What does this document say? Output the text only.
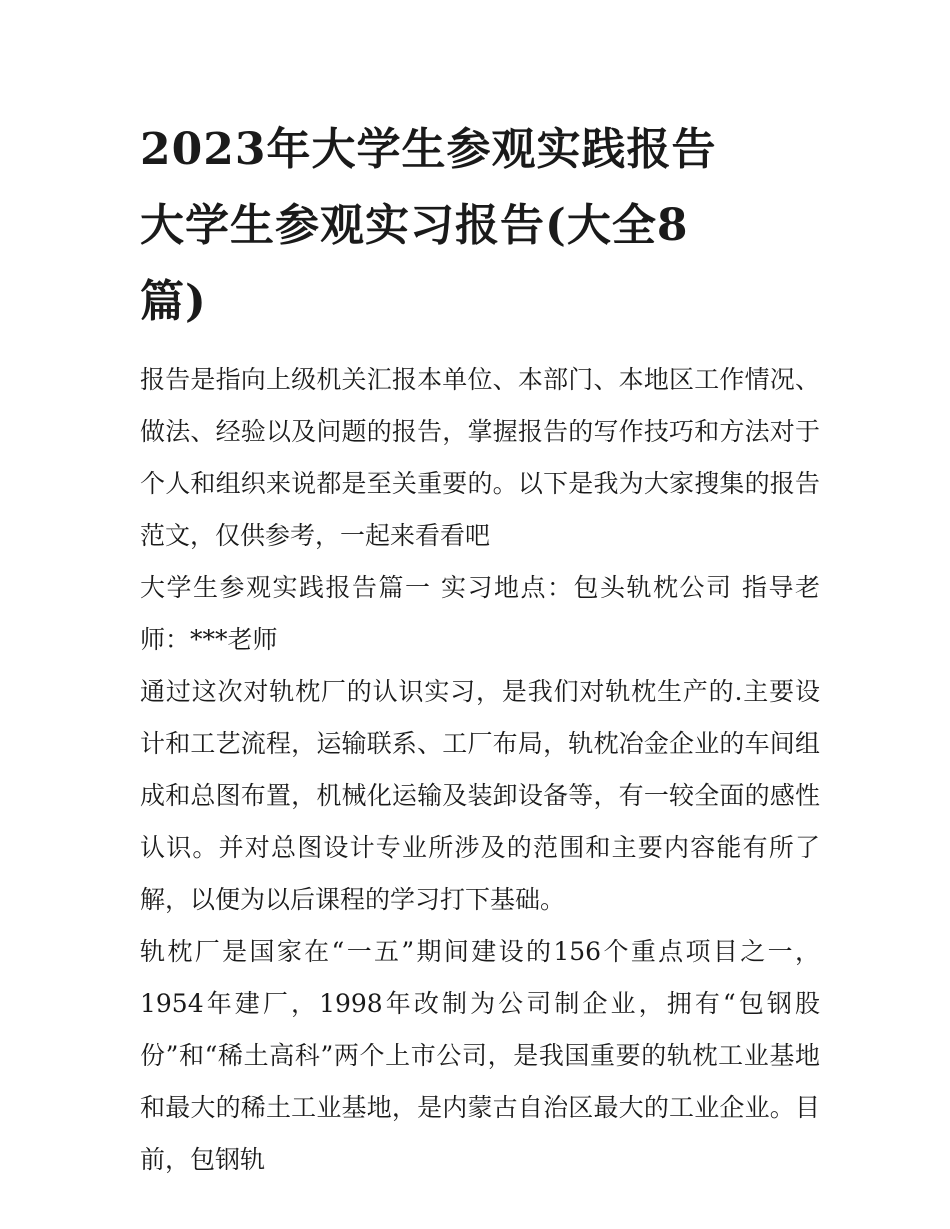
2023年大学生参观实践报告
大学生参观实习报告(大全8
篇)

报告是指向上级机关汇报本单位、本部门、本地区工作情况、做法、经验以及问题的报告，掌握报告的写作技巧和方法对于个人和组织来说都是至关重要的。以下是我为大家搜集的报告范文，仅供参考，一起来看看吧

大学生参观实践报告篇一 实习地点：包头轨枕公司 指导老师：***老师

通过这次对轨枕厂的认识实习，是我们对轨枕生产的.主要设计和工艺流程，运输联系、工厂布局，轨枕冶金企业的车间组成和总图布置，机械化运输及装卸设备等，有一较全面的感性认识。并对总图设计专业所涉及的范围和主要内容能有所了解，以便为以后课程的学习打下基础。

轨枕厂是国家在“一五”期间建设的156个重点项目之一，1954年建厂，1998年改制为公司制企业，拥有“包钢股份”和“稀土高科”两个上市公司，是我国重要的轨枕工业基地和最大的稀土工业基地，是内蒙古自治区最大的工业企业。目前，包钢轨
